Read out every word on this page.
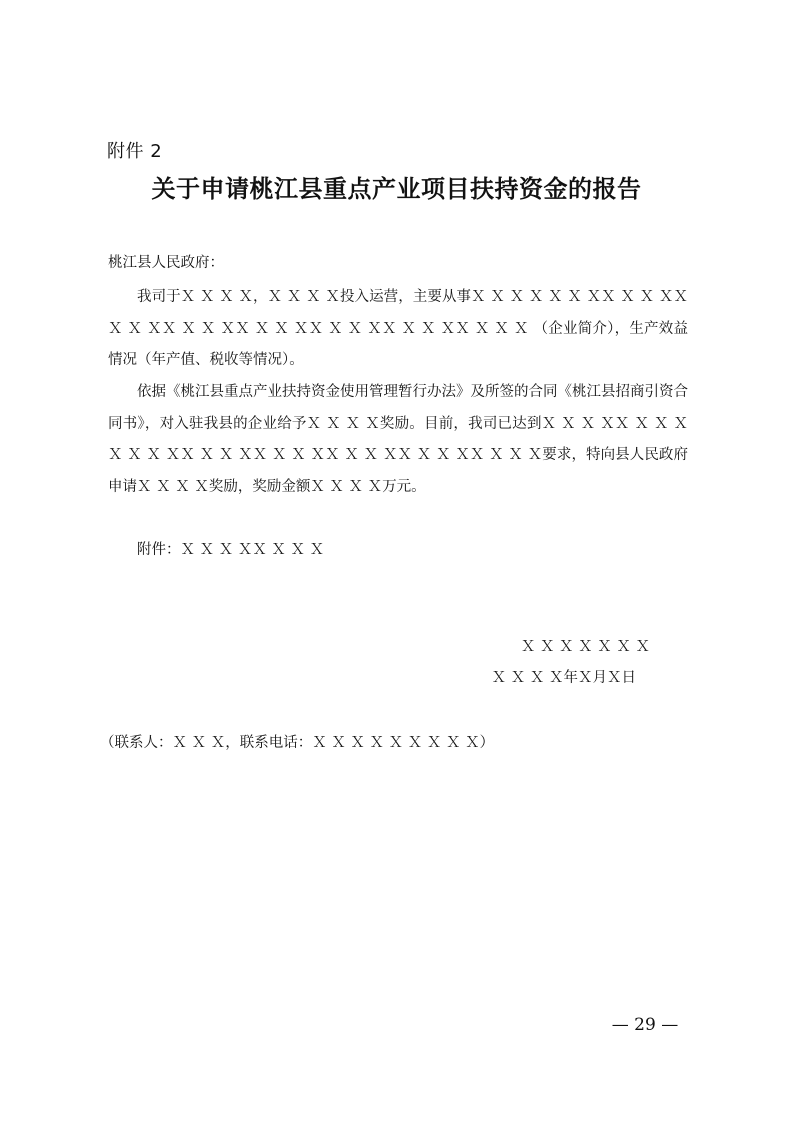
附件 2
关于申请桃江县重点产业项目扶持资金的报告
桃江县人民政府：
我司于Ｘ Ｘ Ｘ Ｘ，Ｘ Ｘ Ｘ Ｘ投入运营，主要从事Ｘ Ｘ Ｘ Ｘ Ｘ Ｘ ＸＸ Ｘ Ｘ ＸＸ Ｘ Ｘ ＸＸ Ｘ Ｘ ＸＸ Ｘ Ｘ ＸＸ Ｘ Ｘ ＸＸ Ｘ Ｘ ＸＸ Ｘ Ｘ Ｘ （企业简介），生产效益情况（年产值、税收等情况）。
依据《桃江县重点产业扶持资金使用管理暂行办法》及所签的合同《桃江县招商引资合同书》，对入驻我县的企业给予Ｘ Ｘ Ｘ Ｘ奖励。目前，我司已达到Ｘ Ｘ Ｘ ＸＸ Ｘ Ｘ ＸＸ Ｘ Ｘ ＸＸ Ｘ Ｘ ＸＸ Ｘ Ｘ ＸＸ Ｘ Ｘ ＸＸ Ｘ Ｘ ＸＸ Ｘ Ｘ Ｘ要求，特向县人民政府申请Ｘ Ｘ Ｘ Ｘ奖励，奖励金额Ｘ Ｘ Ｘ Ｘ万元。
附件：Ｘ Ｘ Ｘ ＸＸ Ｘ Ｘ Ｘ
Ｘ Ｘ Ｘ Ｘ Ｘ Ｘ Ｘ
Ｘ Ｘ Ｘ Ｘ年Ｘ月Ｘ日
（联系人：Ｘ Ｘ Ｘ，联系电话：Ｘ Ｘ Ｘ Ｘ Ｘ Ｘ Ｘ Ｘ Ｘ）
— 29 —
